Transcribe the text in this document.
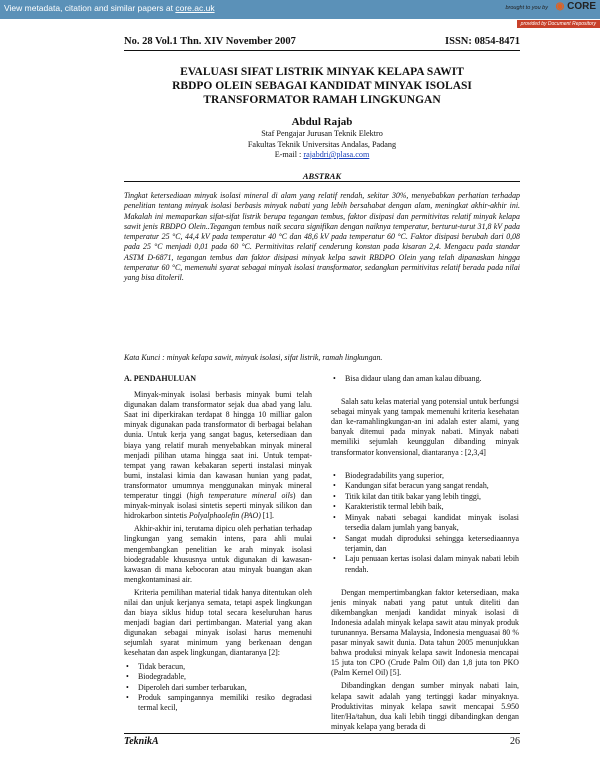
View metadata, citation and similar papers at core.ac.uk	brought to you by ◉ CORE
provided by Document Repository
No. 28 Vol.1 Thn. XIV November 2007	ISSN: 0854-8471
EVALUASI SIFAT LISTRIK MINYAK KELAPA SAWIT
RBDPO OLEIN SEBAGAI KANDIDAT MINYAK ISOLASI
TRANSFORMATOR RAMAH LINGKUNGAN
Abdul Rajab
Staf Pengajar Jurusan Teknik Elektro
Fakultas Teknik Universitas Andalas, Padang
E-mail : rajabdri@plasa.com
ABSTRAK
Tingkat ketersediaan minyak isolasi mineral di alam yang relatif rendah, sekitar 30%, menyebabkan perhatian terhadap penelitian tentang minyak isolasi berbasis minyak nabati yang lebih bersahabat dengan alam, meningkat akhir-akhir ini. Makalah ini memaparkan sifat-sifat listrik berupa tegangan tembus, faktor disipasi dan permitivitas relatif minyak kelapa sawit jenis RBDPO Olein..Tegangan tembus naik secara signifikan dengan naiknya temperatur, berturut-turut 31,8 kV pada temperatur 25 °C, 44,4 kV pada temperatur 40 °C dan 48,6 kV pada temperatur 60 °C. Faktor disipasi berubah dari 0,08 pada 25 °C menjadi 0,01 pada 60 °C. Permitivitas relatif cenderung konstan pada kisaran 2,4. Mengacu pada standar ASTM D-6871, tegangan tembus dan faktor disipasi minyak kelpa sawit RBDPO Olein yang telah dipanaskan hingga temperatur 60 °C, memenuhi syarat sebagai minyak isolasi transformator, sedangkan permitivitas relatif berada pada nilai yang bisa ditoleril.
Kata Kunci : minyak kelapa sawit, minyak isolasi, sifat listrik, ramah lingkungan.
A. PENDAHULUAN

Minyak-minyak isolasi berbasis minyak bumi telah digunakan dalam transformator sejak dua abad yang lalu. Saat ini diperkirakan terdapat 8 hingga 10 milliar galon minyak digunakan pada transformator di berbagai belahan dunia. Untuk kerja yang sangat bagus, ketersediaan dan biaya yang relatif murah menyebabkan minyak mineral menjadi pilihan utama hingga saat ini. Untuk tempat-tempat yang rawan kebakaran seperti instalasi minyak bumi, instalasi kimia dan kawasan hunian yang padat, transformator umumnya menggunakan minyak mineral temperatur tinggi (high temperature mineral oils) dan minyak-minyak isolasi sintetis seperti minyak silikon dan hidrokarbon sintetis Polyalphaolefin (PAO) [1].

Akhir-akhir ini, terutama dipicu oleh perhatian terhadap lingkungan yang semakin intens, para ahli mulai mengembangkan penelitian ke arah minyak isolasi biodegradable khususnya untuk digunakan di kawasan-kawasan di mana kebocoran atau minyak buangan akan mengkontaminasi air.

Kriteria pemilihan material tidak hanya ditentukan oleh nilai dan unjuk kerjanya semata, tetapi aspek lingkungan dan biaya siklus hidup total secara keseluruhan harus menjadi bagian dari pertimbangan. Material yang akan digunakan sebagai minyak isolasi harus memenuhi sejumlah syarat minimum yang berkenaan dengan kesehatan dan aspek lingkungan, diantaranya [2]:

• Tidak beracun,
• Biodegradable,
• Diperoleh dari sumber terbarukan,
• Produk sampingannya memiliki resiko degradasi termal kecil,
• Bisa didaur ulang dan aman kalau dibuang.

Salah satu kelas material yang potensial untuk berfungsi sebagai minyak yang tampak memenuhi kriteria kesehatan dan ke-ramahlingkungan-an ini adalah ester alami, yang banyak ditemui pada minyak nabati. Minyak nabati memiliki sejumlah keunggulan dibanding minyak transformator konvensional, diantaranya : [2,3,4]

• Biodegradabilits yang superior,
• Kandungan sifat beracun yang sangat rendah,
• Titik kilat dan titik bakar yang lebih tinggi,
• Karakteristik termal lebih baik,
• Minyak nabati sebagai kandidat minyak isolasi tersedia dalam jumlah yang banyak,
• Sangat mudah diproduksi sehingga ketersediaannya terjamin, dan
• Laju penuaan kertas isolasi dalam minyak nabati lebih rendah.

Dengan mempertimbangkan faktor ketersediaan, maka jenis minyak nabati yang patut untuk diteliti dan dikembangkan menjadi kandidat minyak isolasi di Indonesia adalah minyak kelapa sawit atau minyak produk turunannya. Bersama Malaysia, Indonesia menguasai 80 % pasar minyak sawit dunia. Data tahun 2005 menunjukkan bahwa produksi minyak kelapa sawit Indonesia mencapai 15 juta ton CPO (Crude Palm Oil) dan 1,8 juta ton PKO (Palm Kernel Oil) [5].

Dibandingkan dengan sumber minyak nabati lain, kelapa sawit adalah yang tertinggi kadar minyaknya. Produktivitas minyak kelapa sawit mencapai 5.950 liter/Ha/tahun, dua kali lebih tinggi dibandingkan dengan minyak kelapa yang berada di

TeknikA	26
